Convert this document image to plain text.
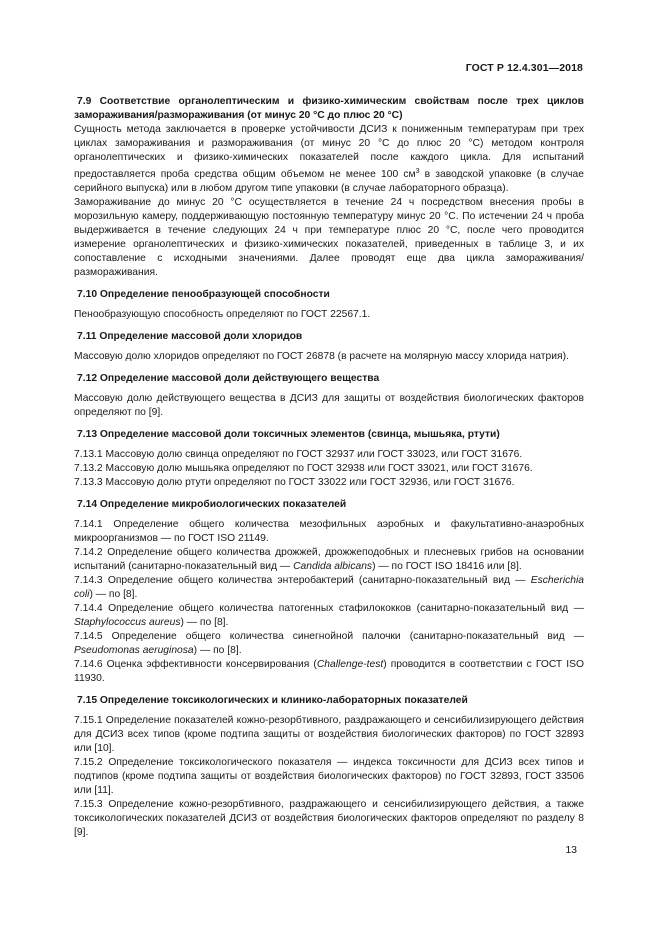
ГОСТ Р 12.4.301—2018

7.9 Соответствие органолептическим и физико-химическим свойствам после трех циклов замораживания/размораживания (от минус 20 °С до плюс 20 °С)

Сущность метода заключается в проверке устойчивости ДСИЗ к пониженным температурам при трех циклах замораживания и размораживания (от минус 20 °С до плюс 20 °С) методом контроля органолептических и физико-химических показателей после каждого цикла. Для испытаний предоставляется проба средства общим объемом не менее 100 $см^3$ в заводской упаковке (в случае серийного выпуска) или в любом другом типе упаковки (в случае лабораторного образца).

Замораживание до минус 20 °С осуществляется в течение 24 ч посредством внесения пробы в морозильную камеру, поддерживающую постоянную температуру минус 20 °С. По истечении 24 ч проба выдерживается в течение следующих 24 ч при температуре плюс 20 °С, после чего проводится измерение органолептических и физико-химических показателей, приведенных в таблице 3, и их сопоставление с исходными значениями. Далее проводят еще два цикла замораживания/размораживания.

7.10 Определение пенообразующей способности

Пенообразующую способность определяют по ГОСТ 22567.1.

7.11 Определение массовой доли хлоридов

Массовую долю хлоридов определяют по ГОСТ 26878 (в расчете на молярную массу хлорида натрия).

7.12 Определение массовой доли действующего вещества

Массовую долю действующего вещества в ДСИЗ для защиты от воздействия биологических факторов определяют по [9].

7.13 Определение массовой доли токсичных элементов (свинца, мышьяка, ртути)

7.13.1 Массовую долю свинца определяют по ГОСТ 32937 или ГОСТ 33023, или ГОСТ 31676.

7.13.2 Массовую долю мышьяка определяют по ГОСТ 32938 или ГОСТ 33021, или ГОСТ 31676.

7.13.3 Массовую долю ртути определяют по ГОСТ 33022 или ГОСТ 32936, или ГОСТ 31676.

7.14 Определение микробиологических показателей

7.14.1 Определение общего количества мезофильных аэробных и факультативно-анаэробных микроорганизмов — по ГОСТ ISO 21149.

7.14.2 Определение общего количества дрожжей, дрожжеподобных и плесневых грибов на основании испытаний (санитарно-показательный вид — Candida albicans) — по ГОСТ ISO 18416 или [8].

7.14.3 Определение общего количества энтеробактерий (санитарно-показательный вид — Escherichia coli) — по [8].

7.14.4 Определение общего количества патогенных стафилококков (санитарно-показательный вид — Staphylococcus aureus) — по [8].

7.14.5 Определение общего количества синегнойной палочки (санитарно-показательный вид — Pseudomonas aeruginosa) — по [8].

7.14.6 Оценка эффективности консервирования (Challenge-test) проводится в соответствии с ГОСТ ISO 11930.

7.15 Определение токсикологических и клинико-лабораторных показателей

7.15.1 Определение показателей кожно-резорбтивного, раздражающего и сенсибилизирующего действия для ДСИЗ всех типов (кроме подтипа защиты от воздействия биологических факторов) по ГОСТ 32893 или [10].

7.15.2 Определение токсикологического показателя — индекса токсичности для ДСИЗ всех типов и подтипов (кроме подтипа защиты от воздействия биологических факторов) по ГОСТ 32893, ГОСТ 33506 или [11].

7.15.3 Определение кожно-резорбтивного, раздражающего и сенсибилизирующего действия, а также токсикологических показателей ДСИЗ от воздействия биологических факторов определяют по разделу 8 [9].

13
